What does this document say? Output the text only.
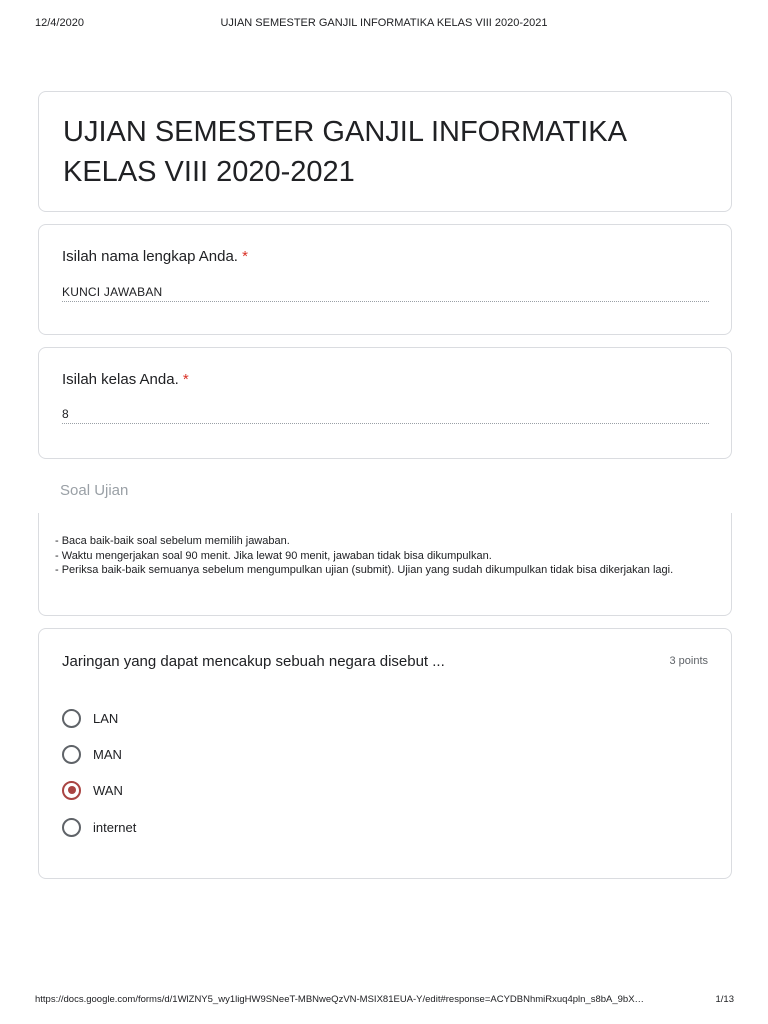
12/4/2020	UJIAN SEMESTER GANJIL INFORMATIKA KELAS VIII 2020-2021
UJIAN SEMESTER GANJIL INFORMATIKA KELAS VIII 2020-2021
Isilah nama lengkap Anda. *
KUNCI JAWABAN
Isilah kelas Anda. *
8
Soal Ujian
- Baca baik-baik soal sebelum memilih jawaban.
- Waktu mengerjakan soal 90 menit. Jika lewat 90 menit, jawaban tidak bisa dikumpulkan.
- Periksa baik-baik semuanya sebelum mengumpulkan ujian (submit). Ujian yang sudah dikumpulkan tidak bisa dikerjakan lagi.
Jaringan yang dapat mencakup sebuah negara disebut ...	3 points
LAN
MAN
WAN
internet
https://docs.google.com/forms/d/1WlZNY5_wy1ligHW9SNeeT-MBNweQzVN-MSIX81EUA-Y/edit#response=ACYDBNhmiRxuq4pln_s8bA_9bX…	1/13
